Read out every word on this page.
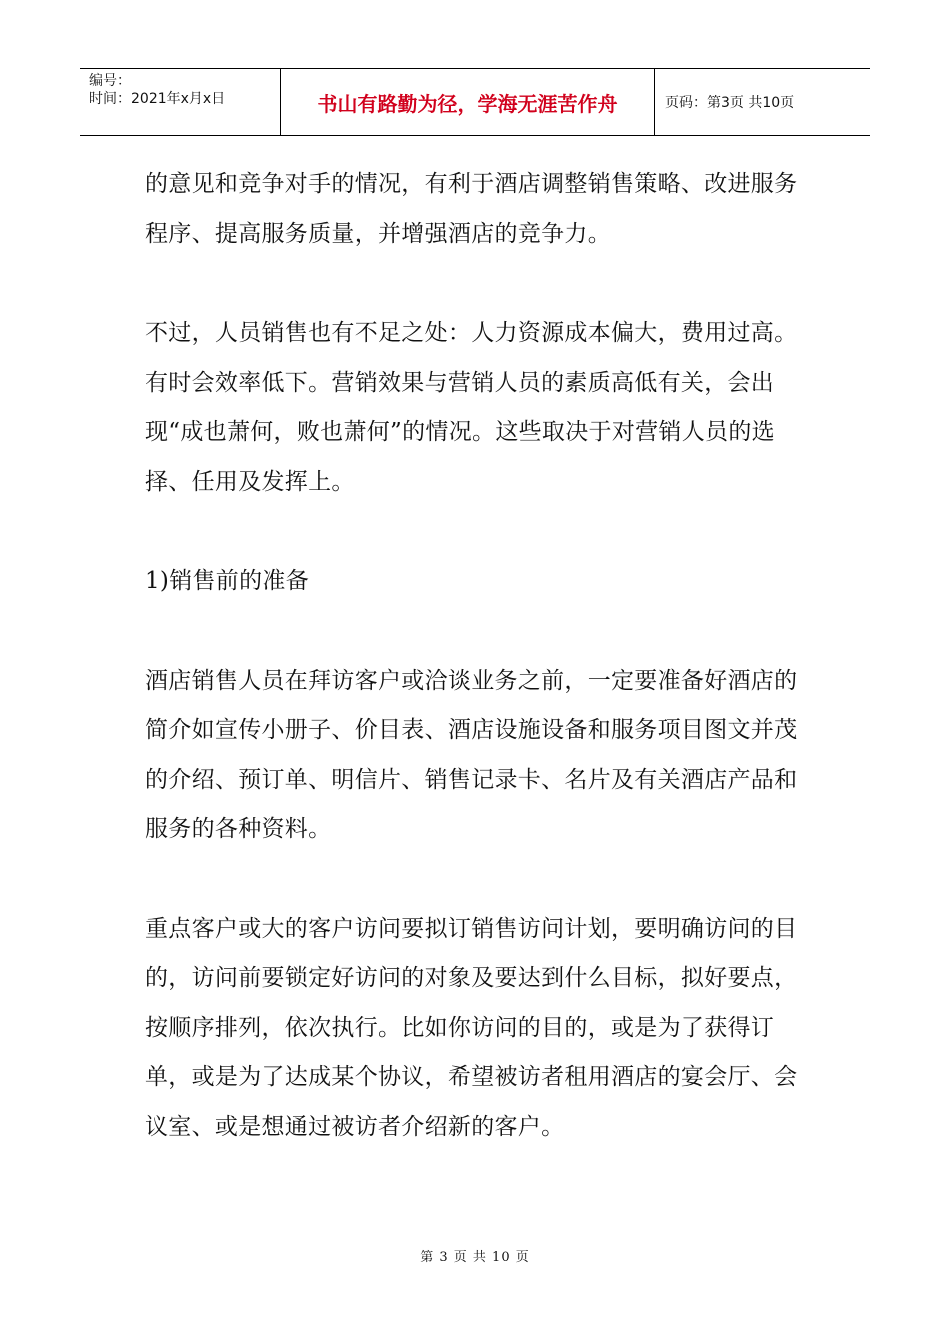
编号：
时间：2021年x月x日	书山有路勤为径，学海无涯苦作舟	页码：第3页 共10页

的意见和竞争对手的情况，有利于酒店调整销售策略、改进服务程序、提高服务质量，并增强酒店的竞争力。

不过，人员销售也有不足之处：人力资源成本偏大，费用过高。有时会效率低下。营销效果与营销人员的素质高低有关，会出现“成也萧何，败也萧何”的情况。这些取决于对营销人员的选择、任用及发挥上。

1)销售前的准备

酒店销售人员在拜访客户或洽谈业务之前，一定要准备好酒店的简介如宣传小册子、价目表、酒店设施设备和服务项目图文并茂的介绍、预订单、明信片、销售记录卡、名片及有关酒店产品和服务的各种资料。

重点客户或大的客户访问要拟订销售访问计划，要明确访问的目的，访问前要锁定好访问的对象及要达到什么目标，拟好要点，按顺序排列，依次执行。比如你访问的目的，或是为了获得订单，或是为了达成某个协议，希望被访者租用酒店的宴会厅、会议室、或是想通过被访者介绍新的客户。

第 3 页 共 10 页
